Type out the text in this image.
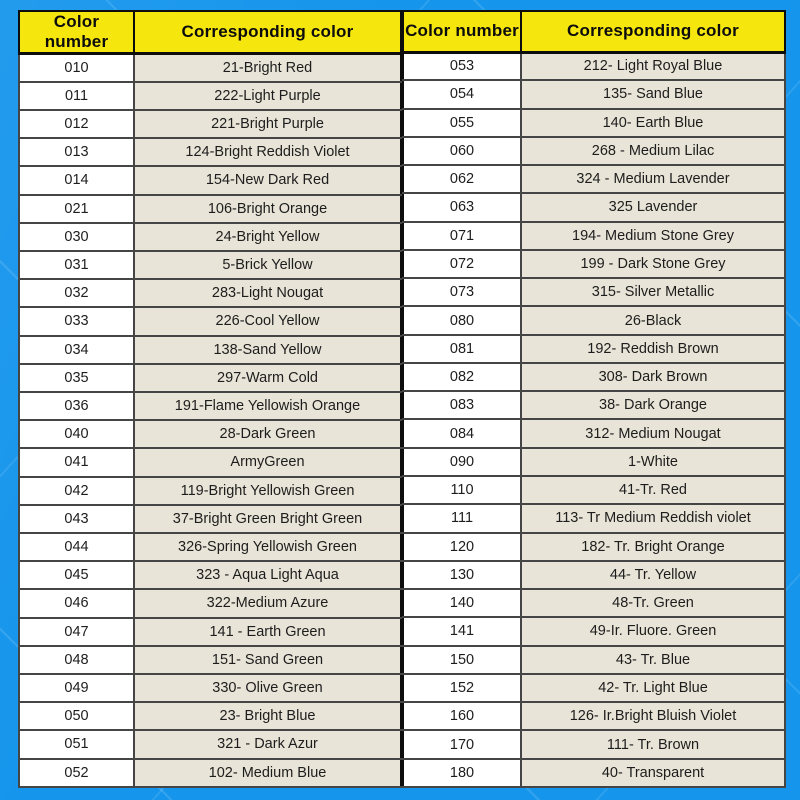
Color number	Corresponding color
010	21-Bright Red
011	222-Light Purple
012	221-Bright Purple
013	124-Bright Reddish Violet
014	154-New Dark Red
021	106-Bright Orange
030	24-Bright Yellow
031	5-Brick Yellow
032	283-Light Nougat
033	226-Cool Yellow
034	138-Sand Yellow
035	297-Warm Cold
036	191-Flame Yellowish Orange
040	28-Dark Green
041	ArmyGreen
042	119-Bright Yellowish Green
043	37-Bright Green Bright Green
044	326-Spring Yellowish Green
045	323 - Aqua Light Aqua
046	322-Medium Azure
047	141 - Earth Green
048	151- Sand Green
049	330- Olive Green
050	23- Bright Blue
051	321 - Dark Azur
052	102- Medium Blue
Color number	Corresponding color
053	212- Light Royal Blue
054	135- Sand Blue
055	140- Earth Blue
060	268 - Medium Lilac
062	324 - Medium Lavender
063	325 Lavender
071	194- Medium Stone Grey
072	199 - Dark Stone Grey
073	315- Silver Metallic
080	26-Black
081	192- Reddish Brown
082	308- Dark Brown
083	38- Dark Orange
084	312- Medium Nougat
090	1-White
110	41-Tr. Red
111	113- Tr Medium Reddish violet
120	182- Tr. Bright Orange
130	44- Tr. Yellow
140	48-Tr. Green
141	49-Ir. Fluore. Green
150	43- Tr. Blue
152	42- Tr. Light Blue
160	126- Ir.Bright Bluish Violet
170	111- Tr. Brown
180	40- Transparent
